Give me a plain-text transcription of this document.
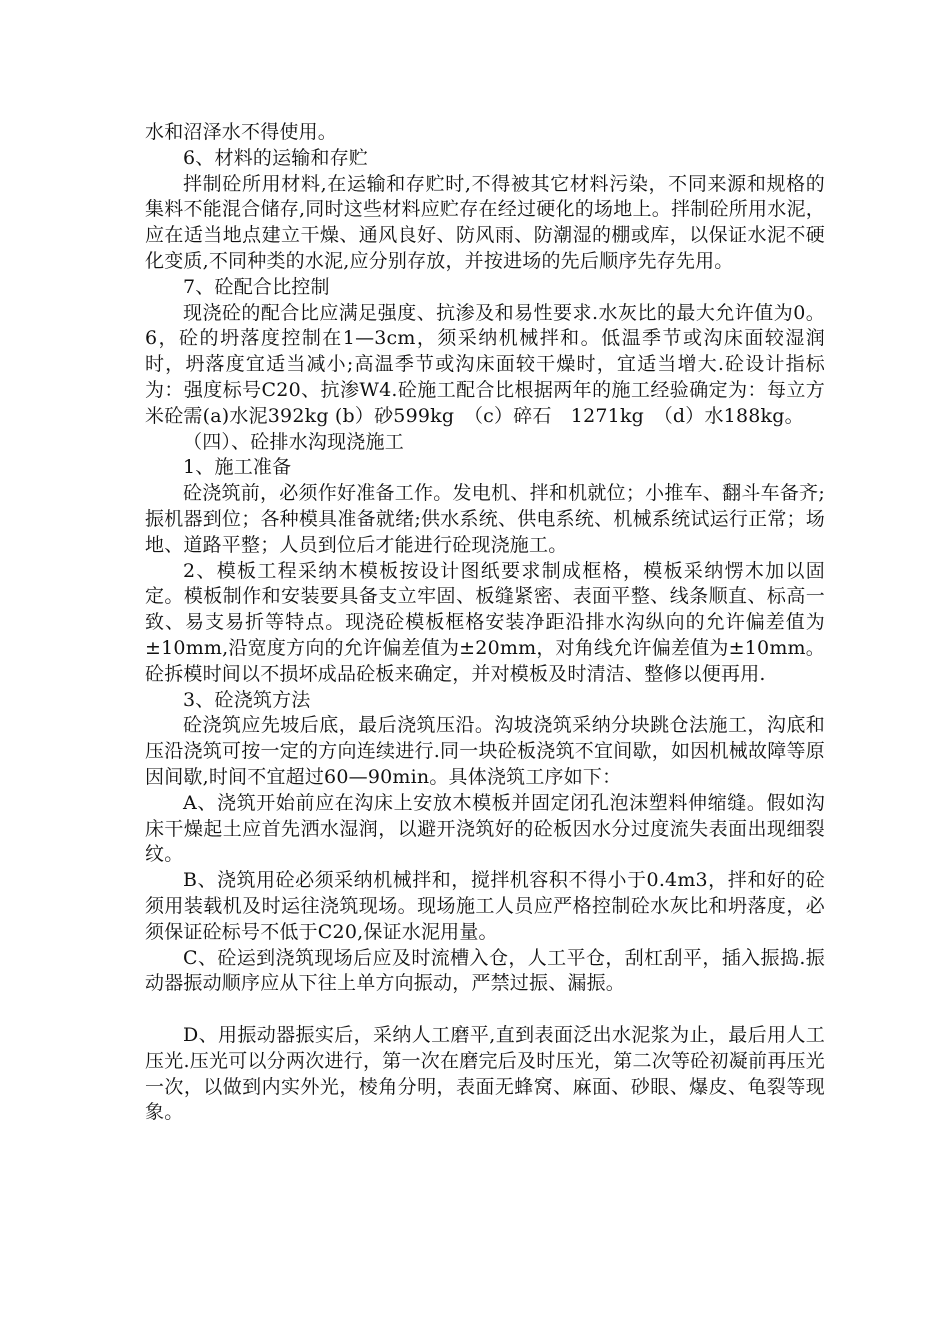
水和沼泽水不得使用。

6、材料的运输和存贮

拌制砼所用材料,在运输和存贮时,不得被其它材料污染，不同来源和规格的集料不能混合储存,同时这些材料应贮存在经过硬化的场地上。拌制砼所用水泥，应在适当地点建立干燥、通风良好、防风雨、防潮湿的棚或库，以保证水泥不硬化变质,不同种类的水泥,应分别存放，并按进场的先后顺序先存先用。

7、砼配合比控制

现浇砼的配合比应满足强度、抗渗及和易性要求.水灰比的最大允许值为0。6，砼的坍落度控制在1—3cm，须采纳机械拌和。低温季节或沟床面较湿润时，坍落度宜适当减小;高温季节或沟床面较干燥时，宜适当增大.砼设计指标为：强度标号C20、抗渗W4.砼施工配合比根据两年的施工经验确定为：每立方米砼需(a)水泥392kg (b）砂599kg　（c）碎石　1271kg　（d）水188kg。

（四）、砼排水沟现浇施工

1、施工准备

砼浇筑前，必须作好准备工作。发电机、拌和机就位；小推车、翻斗车备齐;振机器到位；各种模具准备就绪;供水系统、供电系统、机械系统试运行正常；场地、道路平整；人员到位后才能进行砼现浇施工。

2、模板工程采纳木模板按设计图纸要求制成框格，模板采纳愣木加以固定。模板制作和安装要具备支立牢固、板缝紧密、表面平整、线条顺直、标高一致、易支易折等特点。现浇砼模板框格安装净距沿排水沟纵向的允许偏差值为±10mm,沿宽度方向的允许偏差值为±20mm，对角线允许偏差值为±10mm。砼拆模时间以不损坏成品砼板来确定，并对模板及时清洁、整修以便再用.

3、砼浇筑方法

砼浇筑应先坡后底，最后浇筑压沿。沟坡浇筑采纳分块跳仓法施工，沟底和压沿浇筑可按一定的方向连续进行.同一块砼板浇筑不宜间歇，如因机械故障等原因间歇,时间不宜超过60—90min。具体浇筑工序如下：

A、浇筑开始前应在沟床上安放木模板并固定闭孔泡沫塑料伸缩缝。假如沟床干燥起土应首先洒水湿润，以避开浇筑好的砼板因水分过度流失表面出现细裂纹。

B、浇筑用砼必须采纳机械拌和，搅拌机容积不得小于0.4m3，拌和好的砼须用装载机及时运往浇筑现场。现场施工人员应严格控制砼水灰比和坍落度，必须保证砼标号不低于C20,保证水泥用量。

C、砼运到浇筑现场后应及时流槽入仓，人工平仓，刮杠刮平，插入振捣.振动器振动顺序应从下往上单方向振动，严禁过振、漏振。

D、用振动器振实后，采纳人工磨平,直到表面泛出水泥浆为止，最后用人工压光.压光可以分两次进行，第一次在磨完后及时压光，第二次等砼初凝前再压光一次，以做到内实外光，棱角分明，表面无蜂窝、麻面、砂眼、爆皮、龟裂等现象。
